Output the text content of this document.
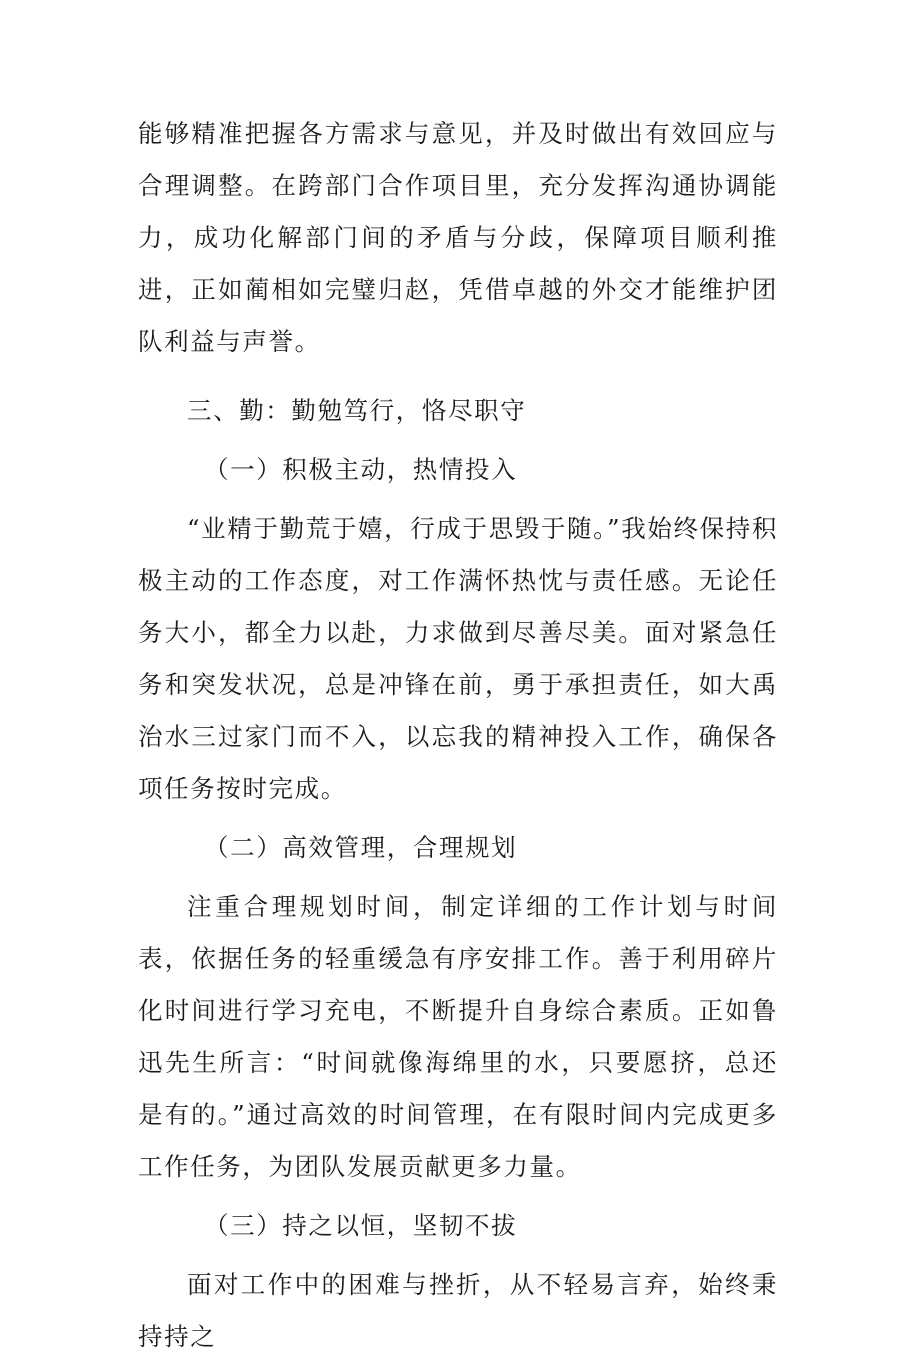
能够精准把握各方需求与意见，并及时做出有效回应与合理调整。在跨部门合作项目里，充分发挥沟通协调能力，成功化解部门间的矛盾与分歧，保障项目顺利推进，正如蔺相如完璧归赵，凭借卓越的外交才能维护团队利益与声誉。

三、勤：勤勉笃行，恪尽职守

（一）积极主动，热情投入

“业精于勤荒于嬉，行成于思毁于随。”我始终保持积极主动的工作态度，对工作满怀热忱与责任感。无论任务大小，都全力以赴，力求做到尽善尽美。面对紧急任务和突发状况，总是冲锋在前，勇于承担责任，如大禹治水三过家门而不入，以忘我的精神投入工作，确保各项任务按时完成。

（二）高效管理，合理规划

注重合理规划时间，制定详细的工作计划与时间表，依据任务的轻重缓急有序安排工作。善于利用碎片化时间进行学习充电，不断提升自身综合素质。正如鲁迅先生所言：“时间就像海绵里的水，只要愿挤，总还是有的。”通过高效的时间管理，在有限时间内完成更多工作任务，为团队发展贡献更多力量。

（三）持之以恒，坚韧不拔

面对工作中的困难与挫折，从不轻易言弃，始终秉持持之
